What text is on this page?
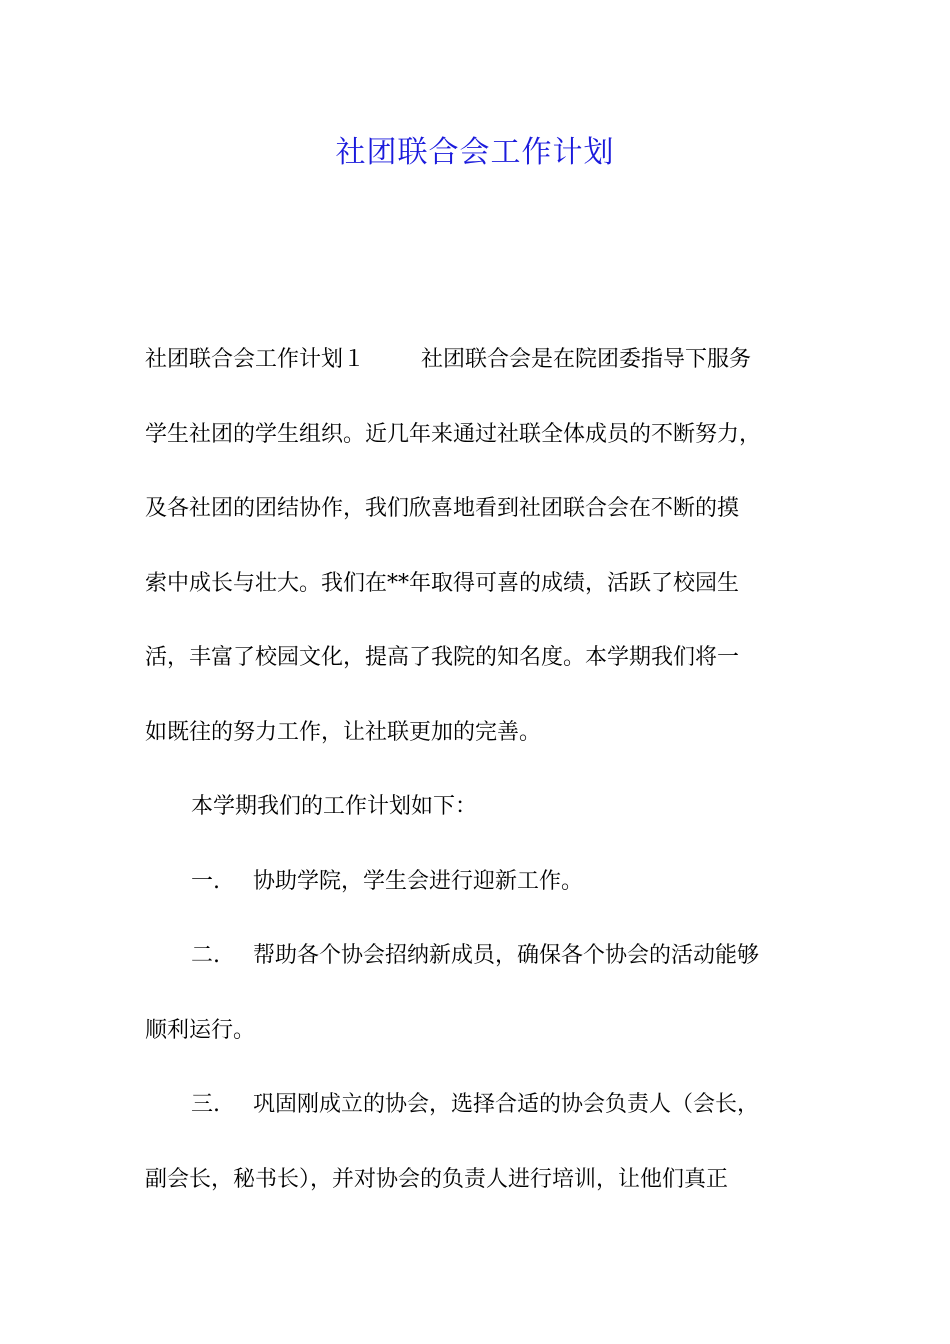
社团联合会工作计划

社团联合会工作计划１	社团联合会是在院团委指导下服务

学生社团的学生组织。近几年来通过社联全体成员的不断努力，

及各社团的团结协作，我们欣喜地看到社团联合会在不断的摸

索中成长与壮大。我们在**年取得可喜的成绩，活跃了校园生

活，丰富了校园文化，提高了我院的知名度。本学期我们将一

如既往的努力工作，让社联更加的完善。

本学期我们的工作计划如下：

一. 协助学院，学生会进行迎新工作。

二. 帮助各个协会招纳新成员，确保各个协会的活动能够

顺利运行。

三. 巩固刚成立的协会，选择合适的协会负责人（会长，

副会长，秘书长），并对协会的负责人进行培训，让他们真正
